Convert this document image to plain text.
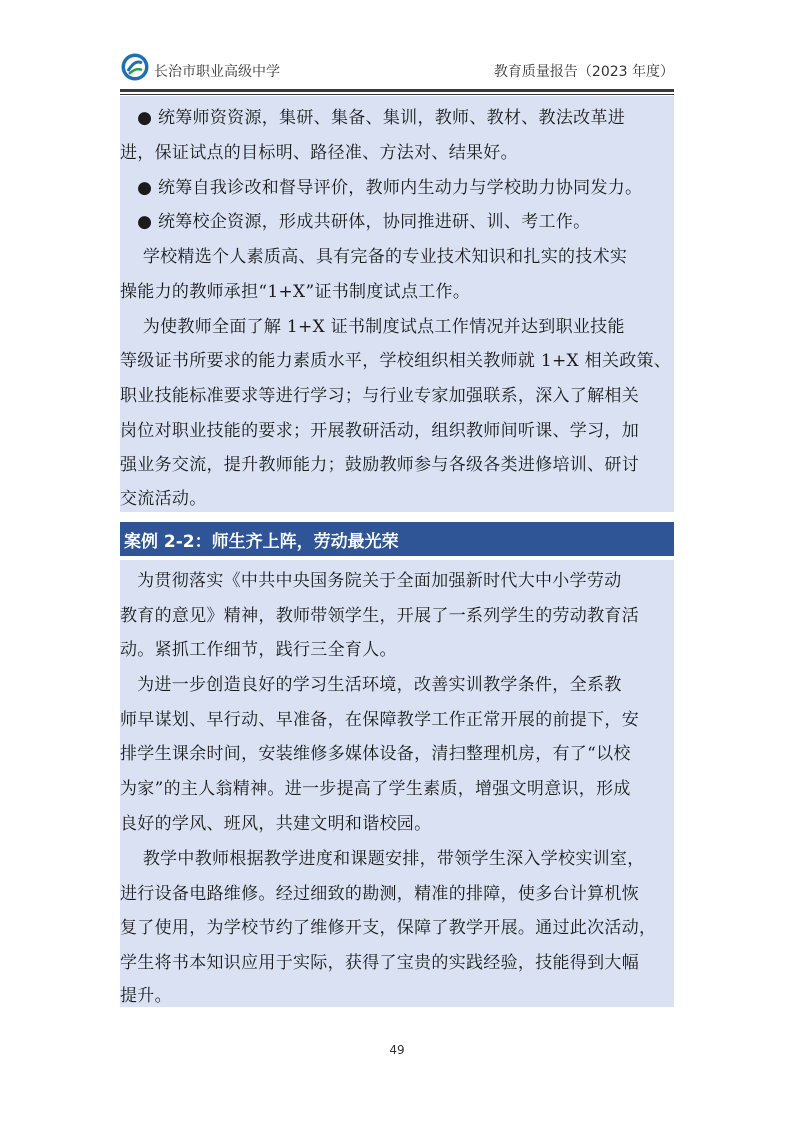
长治市职业高级中学	教育质量报告（2023 年度）
案例 2-2：师生齐上阵，劳动最光荣
● 统筹师资资源，集研、集备、集训，教师、教材、教法改革进
进，保证试点的目标明、路径准、方法对、结果好。
● 统筹自我诊改和督导评价，教师内生动力与学校助力协同发力。
● 统筹校企资源，形成共研体，协同推进研、训、考工作。
学校精选个人素质高、具有完备的专业技术知识和扎实的技术实
操能力的教师承担“1+X”证书制度试点工作。
为使教师全面了解 1+X 证书制度试点工作情况并达到职业技能
等级证书所要求的能力素质水平，学校组织相关教师就 1+X 相关政策、
职业技能标准要求等进行学习；与行业专家加强联系，深入了解相关
岗位对职业技能的要求；开展教研活动，组织教师间听课、学习，加
强业务交流，提升教师能力；鼓励教师参与各级各类进修培训、研讨
交流活动。
为贯彻落实《中共中央国务院关于全面加强新时代大中小学劳动
教育的意见》精神，教师带领学生，开展了一系列学生的劳动教育活
动。紧抓工作细节，践行三全育人。
为进一步创造良好的学习生活环境，改善实训教学条件，全系教
师早谋划、早行动、早准备，在保障教学工作正常开展的前提下，安
排学生课余时间，安装维修多媒体设备，清扫整理机房，有了“以校
为家”的主人翁精神。进一步提高了学生素质，增强文明意识，形成
良好的学风、班风，共建文明和谐校园。
教学中教师根据教学进度和课题安排，带领学生深入学校实训室，
进行设备电路维修。经过细致的勘测，精准的排障，使多台计算机恢
复了使用，为学校节约了维修开支，保障了教学开展。通过此次活动，
学生将书本知识应用于实际，获得了宝贵的实践经验，技能得到大幅
提升。
49
